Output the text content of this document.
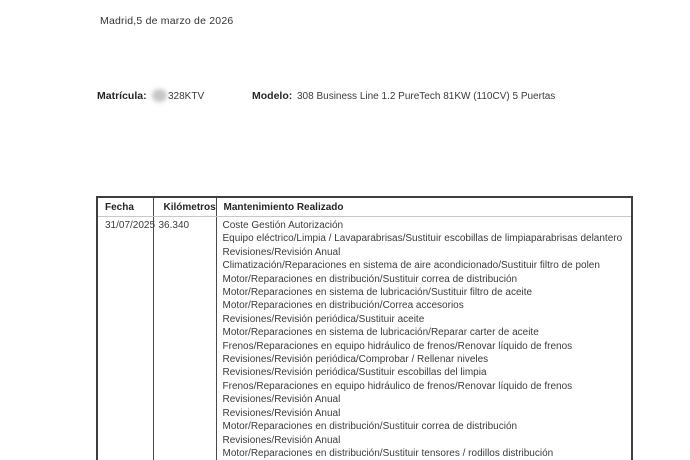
Madrid,5 de marzo de 2026
Matrícula: 328KTV	Modelo: 308 Business Line 1.2 PureTech 81KW (110CV) 5 Puertas
Fecha	Kilómetros	Mantenimiento Realizado
31/07/2025	36.340	Coste Gestión Autorización
Equipo eléctrico/Limpia / Lavaparabrisas/Sustituir escobillas de limpiaparabrisas delantero
Revisiones/Revisión Anual
Climatización/Reparaciones en sistema de aire acondicionado/Sustituir filtro de polen
Motor/Reparaciones en distribución/Sustituir correa de distribución
Motor/Reparaciones en sistema de lubricación/Sustituir filtro de aceite
Motor/Reparaciones en distribución/Correa accesorios
Revisiones/Revisión periódica/Sustituir aceite
Motor/Reparaciones en sistema de lubricación/Reparar carter de aceite
Frenos/Reparaciones en equipo hidráulico de frenos/Renovar líquido de frenos
Revisiones/Revisión periódica/Comprobar / Rellenar niveles
Revisiones/Revisión periódica/Sustituir escobillas del limpia
Frenos/Reparaciones en equipo hidráulico de frenos/Renovar líquido de frenos
Revisiones/Revisión Anual
Revisiones/Revisión Anual
Motor/Reparaciones en distribución/Sustituir correa de distribución
Revisiones/Revisión Anual
Motor/Reparaciones en distribución/Sustituir tensores / rodillos distribución
